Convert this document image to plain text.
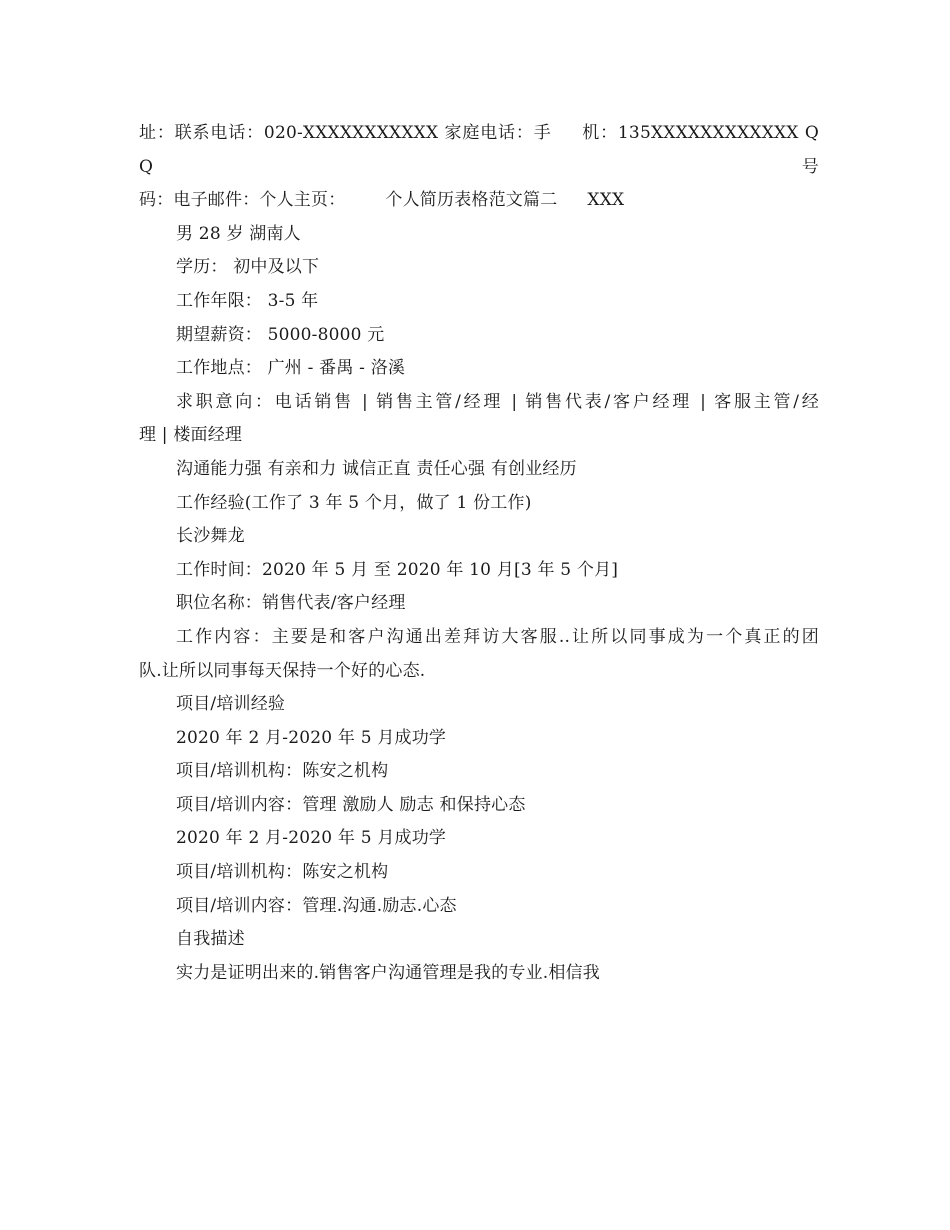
址：联系电话：020-XXXXXXXXXXX 家庭电话：手 机：135XXXXXXXXXXXX Q Q 号

码：电子邮件：个人主页： 个人简历表格范文篇二 XXX

男 28 岁 湖南人

学历： 初中及以下

工作年限： 3-5 年

期望薪资： 5000-8000 元

工作地点： 广州 - 番禺 - 洛溪

求职意向：电话销售 | 销售主管/经理 | 销售代表/客户经理 | 客服主管/经

理 | 楼面经理

沟通能力强 有亲和力 诚信正直 责任心强 有创业经历

工作经验(工作了 3 年 5 个月，做了 1 份工作)

长沙舞龙

工作时间：2020 年 5 月 至 2020 年 10 月[3 年 5 个月]

职位名称：销售代表/客户经理

工作内容：主要是和客户沟通出差拜访大客服..让所以同事成为一个真正的团

队.让所以同事每天保持一个好的心态.

项目/培训经验

2020 年 2 月-2020 年 5 月成功学

项目/培训机构：陈安之机构

项目/培训内容：管理 激励人 励志 和保持心态

2020 年 2 月-2020 年 5 月成功学

项目/培训机构：陈安之机构

项目/培训内容：管理.沟通.励志.心态

自我描述

实力是证明出来的.销售客户沟通管理是我的专业.相信我
